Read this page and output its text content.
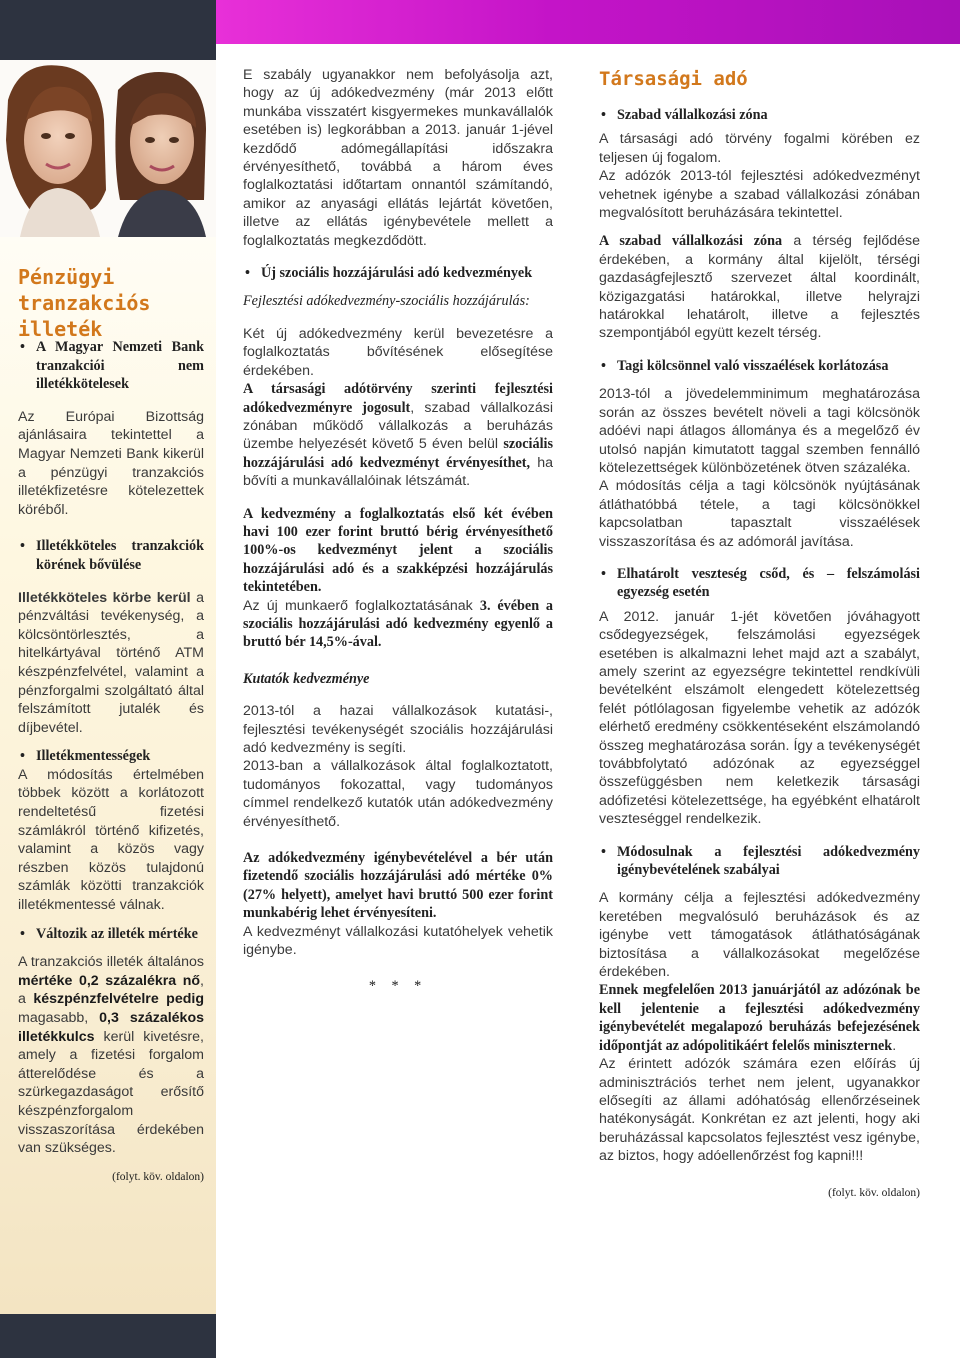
Pénzügyi tranzakciós illeték

• A Magyar Nemzeti Bank tranzakciói nem illetékkötelesek

Az Európai Bizottság ajánlásaira tekintettel a Magyar Nemzeti Bank kikerül a pénzügyi tranzakciós illetékfizetésre kötelezettek köréből.

• Illetékköteles tranzakciók körének bővülése

Illetékköteles körbe kerül a pénzváltási tevékenység, a kölcsöntörlesztés, a hitelkártyával történő ATM készpénzfelvétel, valamint a pénzforgalmi szolgáltató által felszámított jutalék és díjbevétel.

• Illetékmentességek

A módosítás értelmében többek között a korlátozott rendeltetésű fizetési számlákról történő kifizetés, valamint a közös vagy részben közös tulajdonú számlák közötti tranzakciók illetékmentessé válnak.

• Változik az illeték mértéke

A tranzakciós illeték általános mértéke 0,2 százalékra nő, a készpénzfelvételre pedig magasabb, 0,3 százalékos illetékkulcs kerül kivetésre, amely a fizetési forgalom átterelődése és a szürkegazdaságot erősítő készpénzforgalom visszaszorítása érdekében van szükséges.

(folyt. köv. oldalon)

E szabály ugyanakkor nem befolyásolja azt, hogy az új adókedvezmény (már 2013 előtt munkába visszatért kisgyermekes munkavállalók esetében is) legkorábban a 2013. január 1-jével kezdődő adómegállapítási időszakra érvényesíthető, továbbá a három éves foglalkoztatási időtartam onnantól számítandó, amikor az anyasági ellátás lejártát követően, illetve az ellátás igénybevétele mellett a foglalkoztatás megkezdődött.

• Új szociális hozzájárulási adó kedvezmények

Fejlesztési adókedvezmény-szociális hozzájárulás:

Két új adókedvezmény kerül bevezetésre a foglalkoztatás bővítésének elősegítése érdekében.

A társasági adótörvény szerinti fejlesztési adókedvezményre jogosult, szabad vállalkozási zónában működő vállalkozás a beruházás üzembe helyezését követő 5 éven belül szociális hozzájárulási adó kedvezményt érvényesíthet, ha bővíti a munkavállalóinak létszámát.

A kedvezmény a foglalkoztatás első két évében havi 100 ezer forint bruttó bérig érvényesíthető 100%-os kedvezményt jelent a szociális hozzájárulási adó és a szakképzési hozzájárulás tekintetében.

Az új munkaerő foglalkoztatásának 3. évében a szociális hozzájárulási adó kedvezmény egyenlő a bruttó bér 14,5%-ával.

Kutatók kedvezménye

2013-tól a hazai vállalkozások kutatási-, fejlesztési tevékenységét szociális hozzájárulási adó kedvezmény is segíti.

2013-ban a vállalkozások által foglalkoztatott, tudományos fokozattal, vagy tudományos címmel rendelkező kutatók után adókedvezmény érvényesíthető.

Az adókedvezmény igénybevételével a bér után fizetendő szociális hozzájárulási adó mértéke 0% (27% helyett), amelyet havi bruttó 500 ezer forint munkabérig lehet érvényesíteni.

A kedvezményt vállalkozási kutatóhelyek vehetik igénybe.

* * *

Társasági adó

• Szabad vállalkozási zóna

A társasági adó törvény fogalmi körében ez teljesen új fogalom.

Az adózók 2013-tól fejlesztési adókedvezményt vehetnek igénybe a szabad vállalkozási zónában megvalósított beruházására tekintettel.

A szabad vállalkozási zóna a térség fejlődése érdekében, a kormány által kijelölt, térségi gazdaságfejlesztő szervezet által koordinált, közigazgatási határokkal, illetve helyrajzi határokkal lehatárolt, illetve a fejlesztés szempontjából együtt kezelt térség.

• Tagi kölcsönnel való visszaélések korlátozása

2013-tól a jövedelemminimum meghatározása során az összes bevételt növeli a tagi kölcsönök adóévi napi átlagos állománya és a megelőző év utolsó napján kimutatott taggal szemben fennálló kötelezettségek különbözetének ötven százaléka.

A módosítás célja a tagi kölcsönök nyújtásának átláthatóbbá tétele, a tagi kölcsönökkel kapcsolatban tapasztalt visszaélések visszaszorítása és az adómorál javítása.

• Elhatárolt veszteség csőd, és – felszámolási egyezség esetén

A 2012. január 1-jét követően jóváhagyott csődegyezségek, felszámolási egyezségek esetében is alkalmazni lehet majd azt a szabályt, amely szerint az egyezségre tekintettel rendkívüli bevételként elszámolt elengedett kötelezettség felét pótlólagosan figyelembe vehetik az adózók elérhető eredmény csökkentéseként elszámolandó összeg meghatározása során. Így a tevékenységét továbbfolytató adózónak az egyezséggel összefüggésben nem keletkezik társasági adófizetési kötelezettsége, ha egyébként elhatárolt veszteséggel rendelkezik.

• Módosulnak a fejlesztési adókedvezmény igénybevételének szabályai

A kormány célja a fejlesztési adókedvezmény keretében megvalósuló beruházások és az igénybe vett támogatások átláthatóságának biztosítása a vállalkozásokat megelőzése érdekében.

Ennek megfelelően 2013 januárjától az adózónak be kell jelentenie a fejlesztési adókedvezmény igénybevételét megalapozó beruházás befejezésének időpontját az adópolitikáért felelős miniszternek.

Az érintett adózók számára ezen előírás új adminisztrációs terhet nem jelent, ugyanakkor elősegíti az állami adóhatóság ellenőrzéseinek hatékonyságát. Konkrétan ez azt jelenti, hogy aki beruházással kapcsolatos fejlesztést vesz igénybe, az biztos, hogy adóellenőrzést fog kapni!!!

(folyt. köv. oldalon)
